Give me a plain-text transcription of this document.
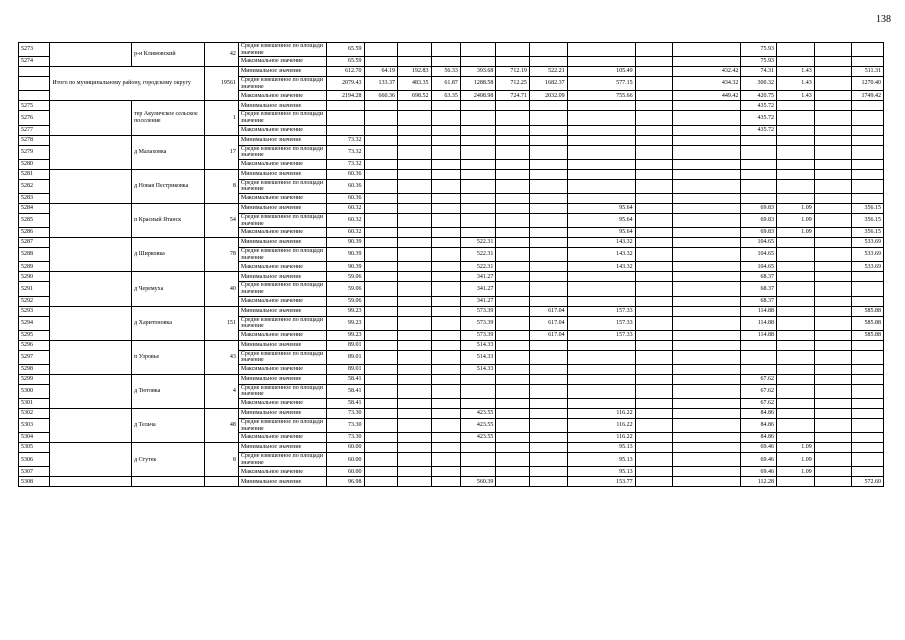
138
5273		р-н Климовский	42	Средне взвешенное по площади значение	65.59										75.93			
5274				Максимальное значение	65.59										75.93			
	Итого по муниципальному району, городскому округу		19561	Минимальное значение	612.70	64.19	192.83	56.33	393.68	712.19	522.21	105.49		432.42	74.31	1.43		511.31
				Средне взвешенное по площади значение	2079.43	133.37	483.35	61.87	1288.58	712.25	1682.37	577.15		434.32	300.32	1.43		1270.40
				Максимальное значение	2194.28	660.36	698.52	63.35	2408.98	724.71	2032.09	755.66		449.42	420.75	1.43		1749.42
5275		тер Акуличское сельское поселение	1	Минимальное значение											435.72			
5276				Средне взвешенное по площади значение											435.72			
5277				Максимальное значение											435.72			
5278		д Малаховка	17	Минимальное значение	73.32													
5279				Средне взвешенное по площади значение	73.32													
5280				Максимальное значение	73.32													
5281		д Новая Пестриковка	8	Минимальное значение	60.36													
5282				Средне взвешенное по площади значение	60.36													
5283				Максимальное значение	60.36													
5284		п Красный Ятанск	54	Минимальное значение	60.32							95.64			69.83	1.09		356.15
5285				Средне взвешенное по площади значение	60.32							95.64			69.83	1.09		356.15
5286				Максимальное значение	60.32							95.64			69.83	1.09		356.15
5287		д Ширковка	78	Минимальное значение	90.39				522.31			143.32			104.65			533.69
5288				Средне взвешенное по площади значение	90.39				522.31			143.32			104.65			533.69
5289				Максимальное значение	90.39				522.31			143.32			104.65			533.69
5290		д Черемуха	40	Минимальное значение	59.06				341.27						68.37			
5291				Средне взвешенное по площади значение	59.06				341.27						68.37			
5292				Максимальное значение	59.06				341.27						68.37			
5293		д Харитоновка	151	Минимальное значение	99.23				573.39		617.04	157.33			114.88			585.88
5294				Средне взвешенное по площади значение	99.23				573.39		617.04	157.33			114.88			585.88
5295				Максимальное значение	99.23				573.39		617.04	157.33			114.88			585.88
5296		п Узровье	43	Минимальное значение	89.01				514.33									
5297				Средне взвешенное по площади значение	89.01				514.33									
5298				Максимальное значение	89.01				514.33									
5299		д Тютовка	4	Минимальное значение	58.41										67.62			
5300				Средне взвешенное по площади значение	58.41										67.62			
5301				Максимальное значение	58.41										67.62			
5302		д Тельча	48	Минимальное значение	73.30				423.55			116.22			84.86			
5303				Средне взвешенное по площади значение	73.30				423.55			116.22			84.86			
5304				Максимальное значение	73.30				423.55			116.22			84.86			
5305		д Стутек	8	Минимальное значение	60.00							95.13			69.46	1.09		
5306				Средне взвешенное по площади значение	60.00							95.13			69.46	1.09		
5307				Максимальное значение	60.00							95.13			69.46	1.09		
5308				Минимальное значение	96.98				560.39			153.77			112.28			572.60
